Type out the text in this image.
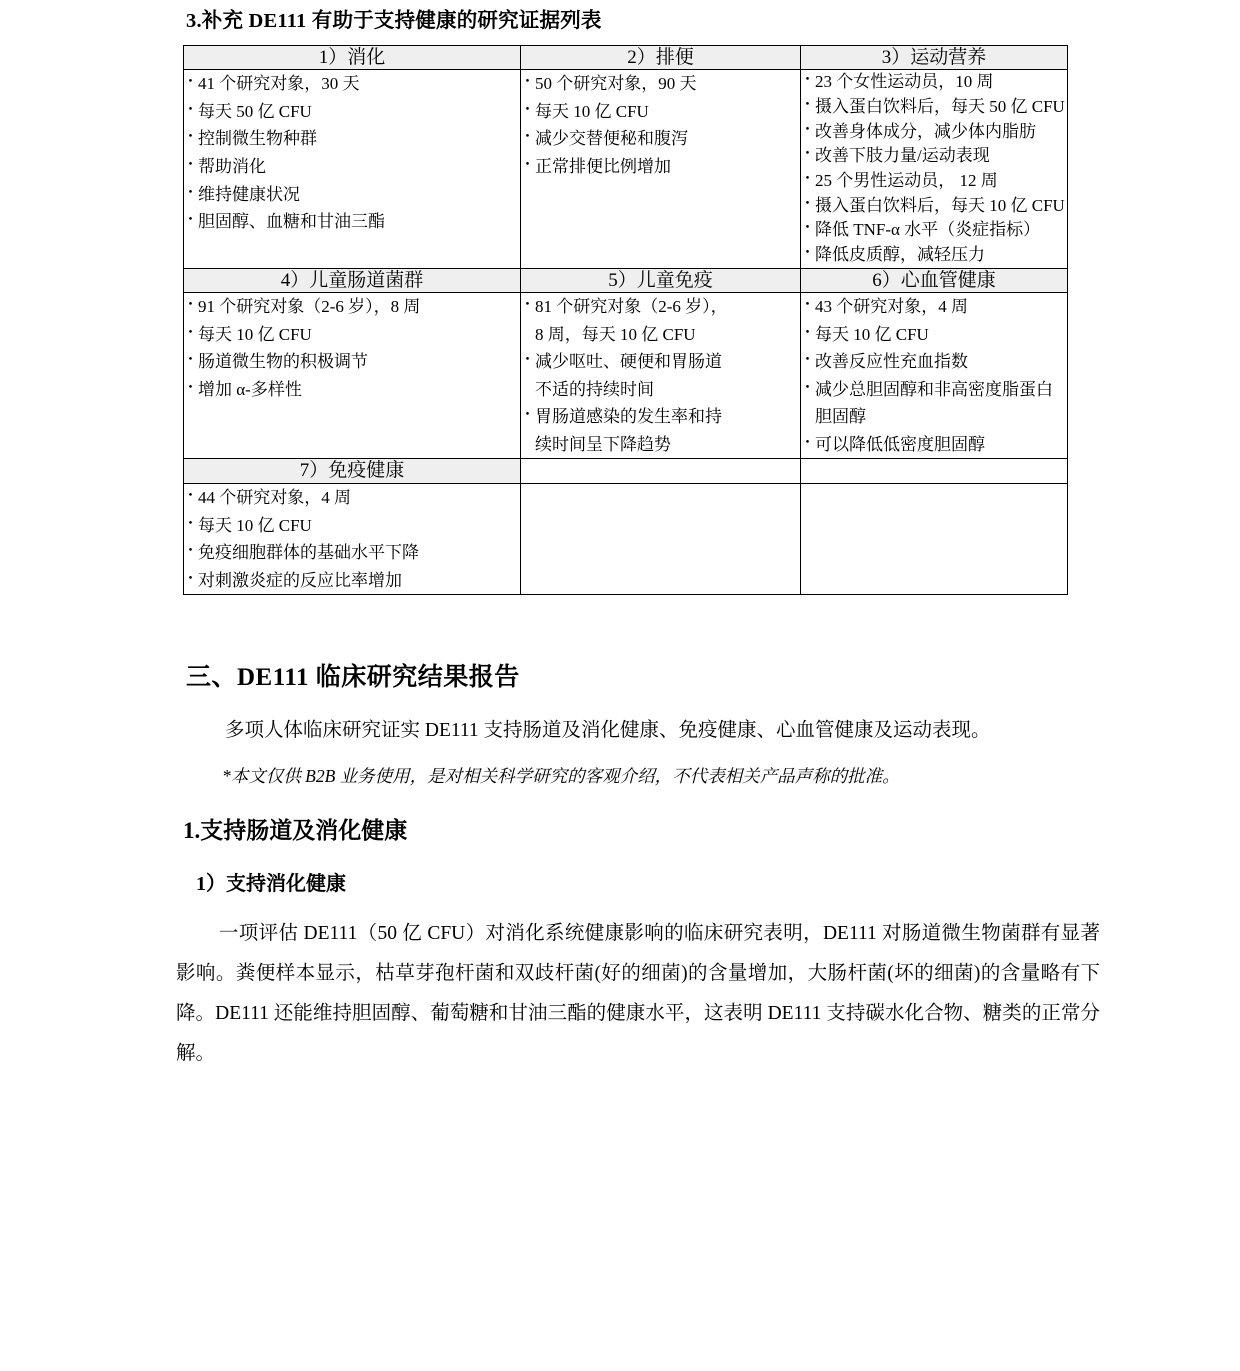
3.补充 DE111 有助于支持健康的研究证据列表
1）消化	2）排便	3）运动营养

・ 41 个研究对象，30 天
・ 每天 50 亿 CFU
・ 控制微生物种群
・ 帮助消化
・ 维持健康状况
・ 胆固醇、血糖和甘油三酯

・ 50 个研究对象，90 天
・ 每天 10 亿 CFU
・ 减少交替便秘和腹泻
・ 正常排便比例增加

・ 23 个女性运动员，10 周
・ 摄入蛋白饮料后，每天 50 亿 CFU
・ 改善身体成分，减少体内脂肪
・ 改善下肢力量/运动表现
・ 25 个男性运动员， 12 周
・ 摄入蛋白饮料后，每天 10 亿 CFU
・ 降低 TNF-α 水平（炎症指标）
・ 降低皮质醇，减轻压力

4）儿童肠道菌群	5）儿童免疫	6）心血管健康

・ 91 个研究对象（2-6 岁），8 周
・ 每天 10 亿 CFU
・ 肠道微生物的积极调节
・ 增加 α-多样性

・ 81 个研究对象（2-6 岁），
8 周，每天 10 亿 CFU
・ 减少呕吐、硬便和胃肠道
不适的持续时间
・ 胃肠道感染的发生率和持
续时间呈下降趋势

・ 43 个研究对象，4 周
・ 每天 10 亿 CFU
・ 改善反应性充血指数
・ 减少总胆固醇和非高密度脂蛋白
胆固醇
・ 可以降低低密度胆固醇

7）免疫健康		

・ 44 个研究对象，4 周
・ 每天 10 亿 CFU
・ 免疫细胞群体的基础水平下降
・ 对刺激炎症的反应比率增加

三、DE111 临床研究结果报告

多项人体临床研究证实 DE111 支持肠道及消化健康、免疫健康、心血管健康及运动表现。

*本文仅供 B2B 业务使用，是对相关科学研究的客观介绍，不代表相关产品声称的批准。

1.支持肠道及消化健康
1）支持消化健康

一项评估 DE111（50 亿 CFU）对消化系统健康影响的临床研究表明，DE111 对肠道微生物菌群有显著影响。粪便样本显示，枯草芽孢杆菌和双歧杆菌(好的细菌)的含量增加，大肠杆菌(坏的细菌)的含量略有下降。DE111 还能维持胆固醇、葡萄糖和甘油三酯的健康水平，这表明 DE111 支持碳水化合物、糖类的正常分解。
